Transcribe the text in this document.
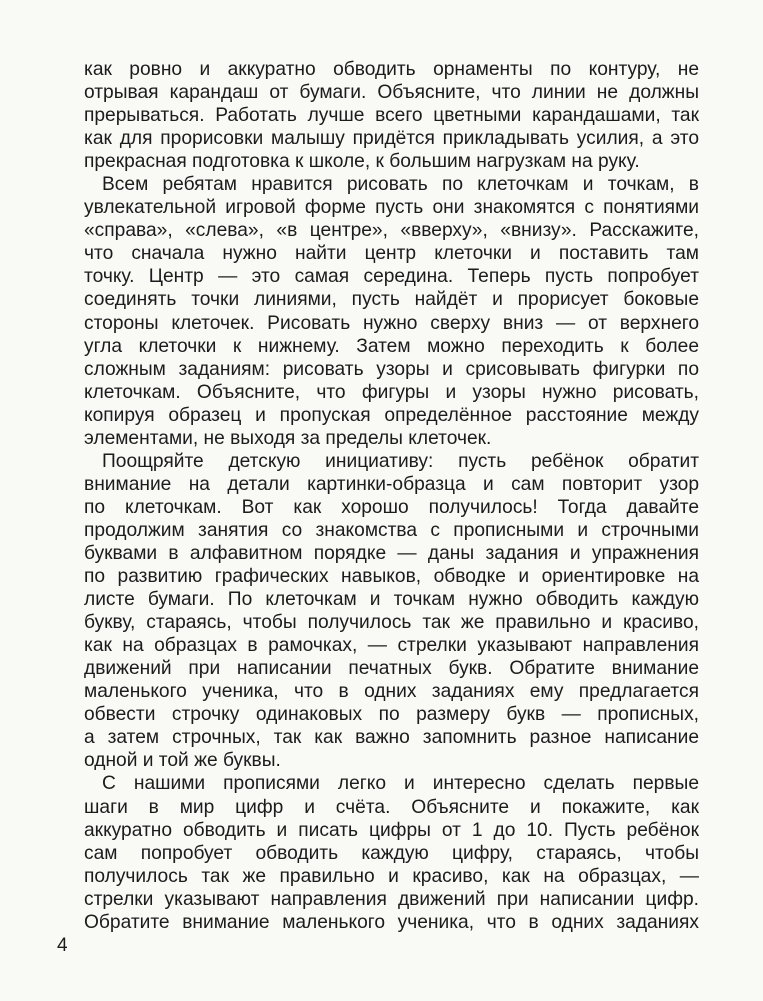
как ровно и аккуратно обводить орнаменты по контуру, не
отрывая карандаш от бумаги. Объясните, что линии не должны
прерываться. Работать лучше всего цветными карандашами, так
как для прорисовки малышу придётся прикладывать усилия, а это
прекрасная подготовка к школе, к большим нагрузкам на руку.
Всем ребятам нравится рисовать по клеточкам и точкам, в
увлекательной игровой форме пусть они знакомятся с понятиями
«справа», «слева», «в центре», «вверху», «внизу». Расскажите,
что сначала нужно найти центр клеточки и поставить там
точку. Центр — это самая середина. Теперь пусть попробует
соединять точки линиями, пусть найдёт и прорисует боковые
стороны клеточек. Рисовать нужно сверху вниз — от верхнего
угла клеточки к нижнему. Затем можно переходить к более
сложным заданиям: рисовать узоры и срисовывать фигурки по
клеточкам. Объясните, что фигуры и узоры нужно рисовать,
копируя образец и пропуская определённое расстояние между
элементами, не выходя за пределы клеточек.
Поощряйте детскую инициативу: пусть ребёнок обратит
внимание на детали картинки-образца и сам повторит узор
по клеточкам. Вот как хорошо получилось! Тогда давайте
продолжим занятия со знакомства с прописными и строчными
буквами в алфавитном порядке — даны задания и упражнения
по развитию графических навыков, обводке и ориентировке на
листе бумаги. По клеточкам и точкам нужно обводить каждую
букву, стараясь, чтобы получилось так же правильно и красиво,
как на образцах в рамочках, — стрелки указывают направления
движений при написании печатных букв. Обратите внимание
маленького ученика, что в одних заданиях ему предлагается
обвести строчку одинаковых по размеру букв — прописных,
а затем строчных, так как важно запомнить разное написание
одной и той же буквы.
С нашими прописями легко и интересно сделать первые
шаги в мир цифр и счёта. Объясните и покажите, как
аккуратно обводить и писать цифры от 1 до 10. Пусть ребёнок
сам попробует обводить каждую цифру, стараясь, чтобы
получилось так же правильно и красиво, как на образцах, —
стрелки указывают направления движений при написании цифр.
Обратите внимание маленького ученика, что в одних заданиях
4
